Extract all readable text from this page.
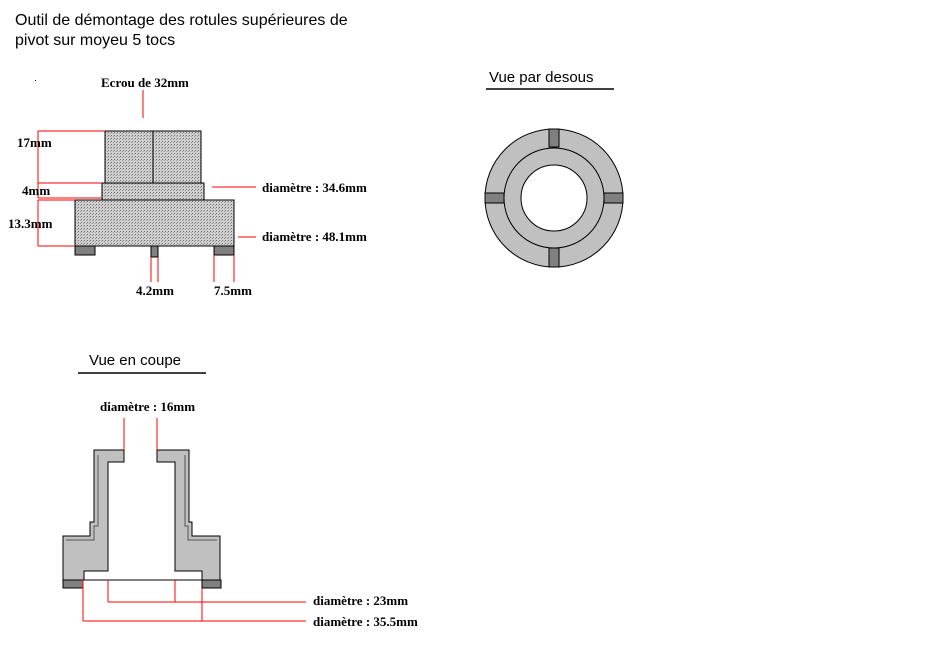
Outil de démontage des rotules supérieures de
pivot sur moyeu 5 tocs
Vue par desous
Vue en coupe
Ecrou de 32mm
17mm
4mm
13.3mm
diamètre : 34.6mm
diamètre : 48.1mm
4.2mm	7.5mm
diamètre : 16mm
diamètre : 23mm
diamètre : 35.5mm
